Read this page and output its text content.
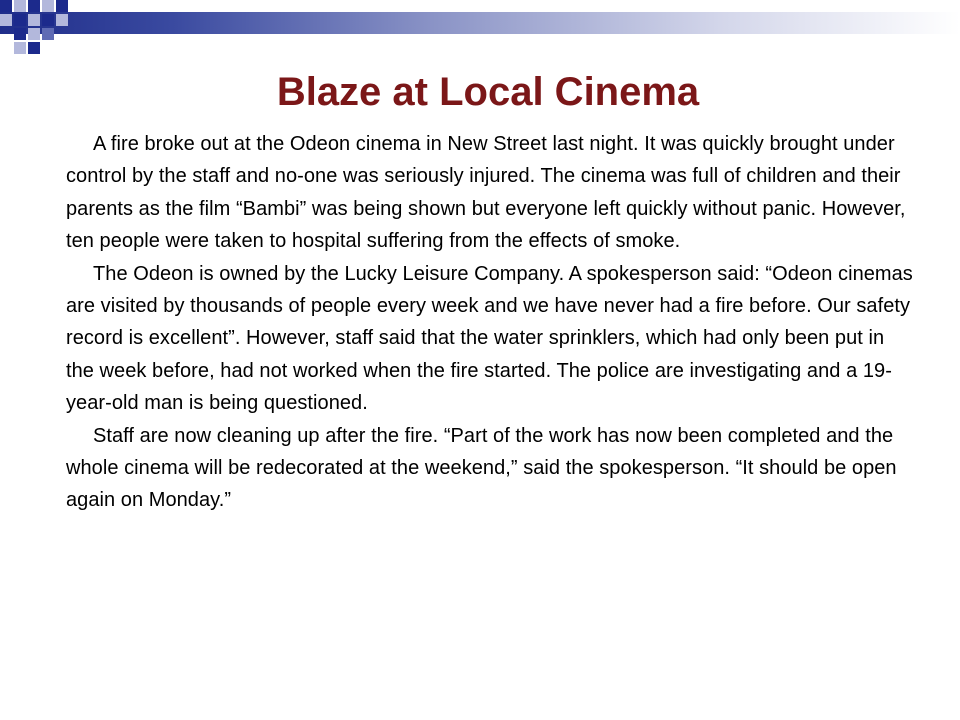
Blaze at Local Cinema

A fire broke out at the Odeon cinema in New Street last night. It was quickly brought under control by the staff and no-one was seriously injured. The cinema was full of children and their parents as the film “Bambi” was being shown but everyone left quickly without panic. However, ten people were taken to hospital suffering from the effects of smoke.

The Odeon is owned by the Lucky Leisure Company. A spokesperson said: “Odeon cinemas are visited by thousands of people every week and we have never had a fire before. Our safety record is excellent”. However, staff said that the water sprinklers, which had only been put in the week before, had not worked when the fire started. The police are investigating and a 19-year-old man is being questioned.

Staff are now cleaning up after the fire. “Part of the work has now been completed and the whole cinema will be redecorated at the weekend,” said the spokesperson. “It should be open again on Monday.”
